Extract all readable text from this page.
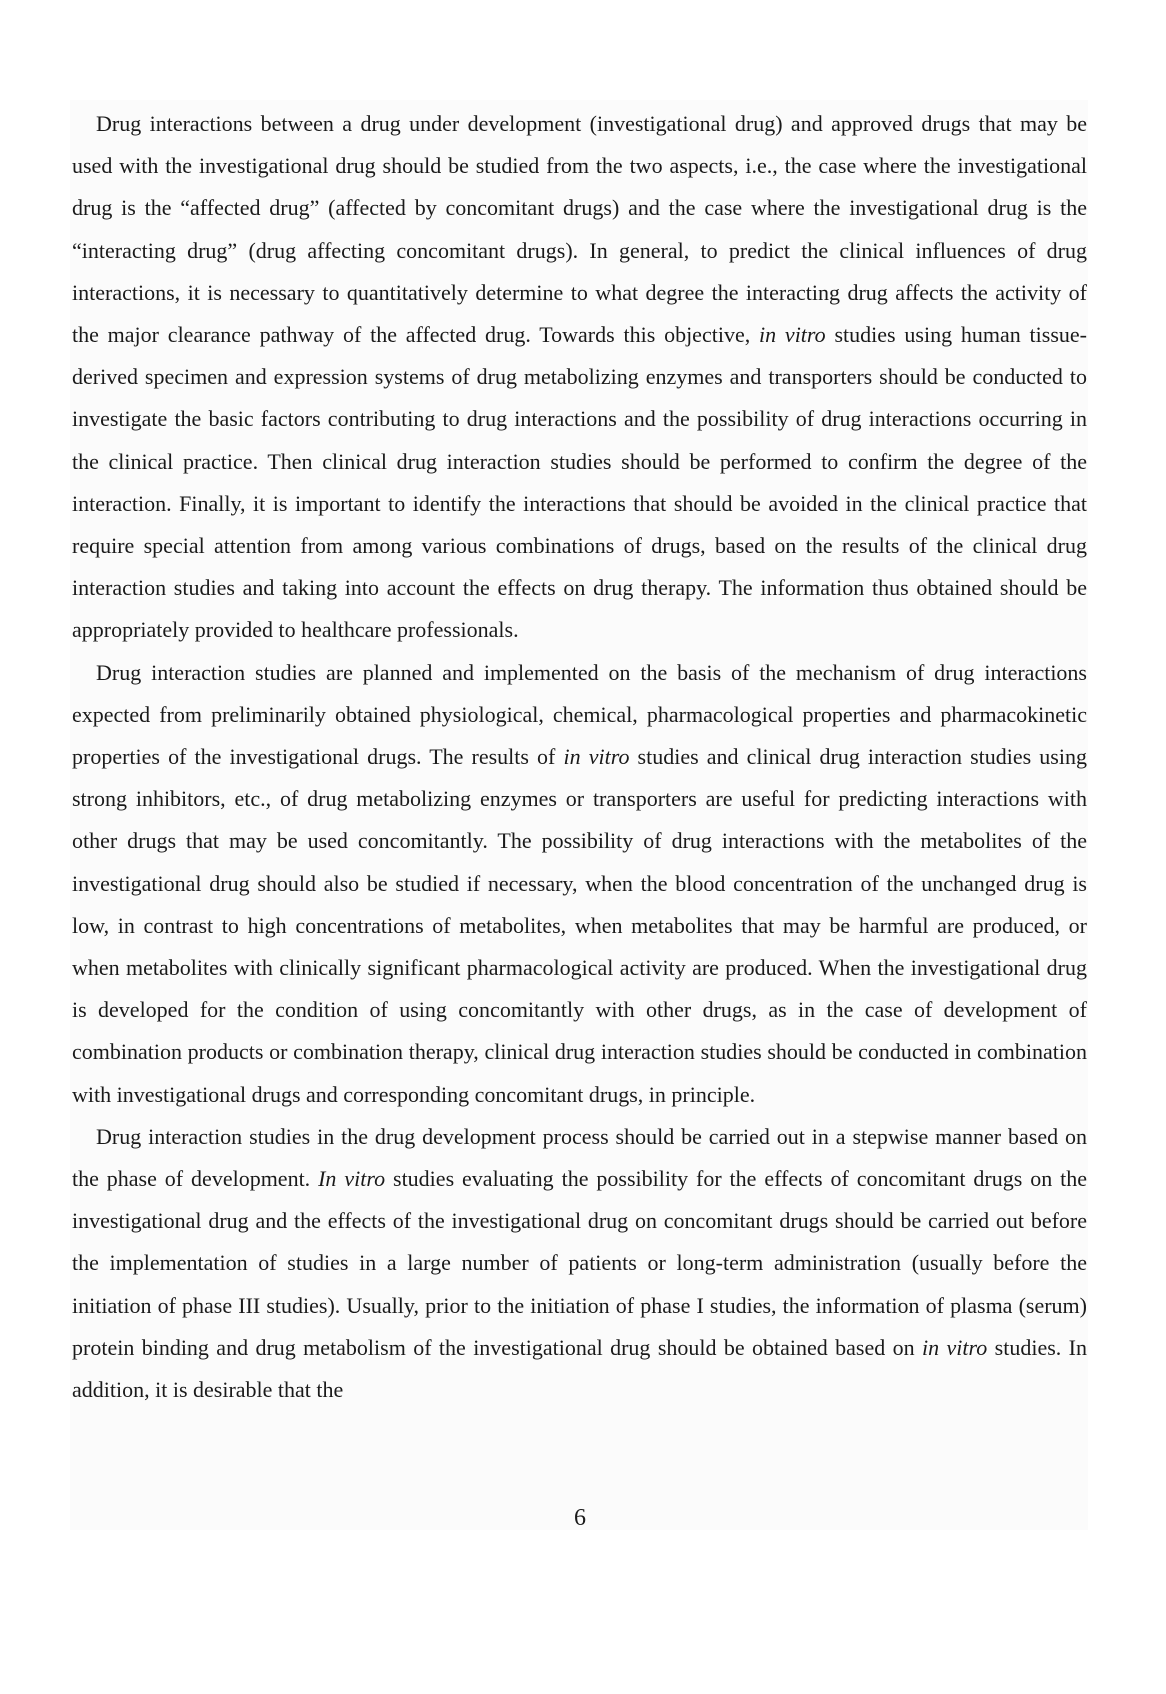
Drug interactions between a drug under development (investigational drug) and approved drugs that may be used with the investigational drug should be studied from the two aspects, i.e., the case where the investigational drug is the “affected drug” (affected by concomitant drugs) and the case where the investigational drug is the “interacting drug” (drug affecting concomitant drugs). In general, to predict the clinical influences of drug interactions, it is necessary to quantitatively determine to what degree the interacting drug affects the activity of the major clearance pathway of the affected drug. Towards this objective, in vitro studies using human tissue-derived specimen and expression systems of drug metabolizing enzymes and transporters should be conducted to investigate the basic factors contributing to drug interactions and the possibility of drug interactions occurring in the clinical practice. Then clinical drug interaction studies should be performed to confirm the degree of the interaction. Finally, it is important to identify the interactions that should be avoided in the clinical practice that require special attention from among various combinations of drugs, based on the results of the clinical drug interaction studies and taking into account the effects on drug therapy. The information thus obtained should be appropriately provided to healthcare professionals.

Drug interaction studies are planned and implemented on the basis of the mechanism of drug interactions expected from preliminarily obtained physiological, chemical, pharmacological properties and pharmacokinetic properties of the investigational drugs. The results of in vitro studies and clinical drug interaction studies using strong inhibitors, etc., of drug metabolizing enzymes or transporters are useful for predicting interactions with other drugs that may be used concomitantly. The possibility of drug interactions with the metabolites of the investigational drug should also be studied if necessary, when the blood concentration of the unchanged drug is low, in contrast to high concentrations of metabolites, when metabolites that may be harmful are produced, or when metabolites with clinically significant pharmacological activity are produced. When the investigational drug is developed for the condition of using concomitantly with other drugs, as in the case of development of combination products or combination therapy, clinical drug interaction studies should be conducted in combination with investigational drugs and corresponding concomitant drugs, in principle.

Drug interaction studies in the drug development process should be carried out in a stepwise manner based on the phase of development. In vitro studies evaluating the possibility for the effects of concomitant drugs on the investigational drug and the effects of the investigational drug on concomitant drugs should be carried out before the implementation of studies in a large number of patients or long-term administration (usually before the initiation of phase III studies). Usually, prior to the initiation of phase I studies, the information of plasma (serum) protein binding and drug metabolism of the investigational drug should be obtained based on in vitro studies. In addition, it is desirable that the

6
